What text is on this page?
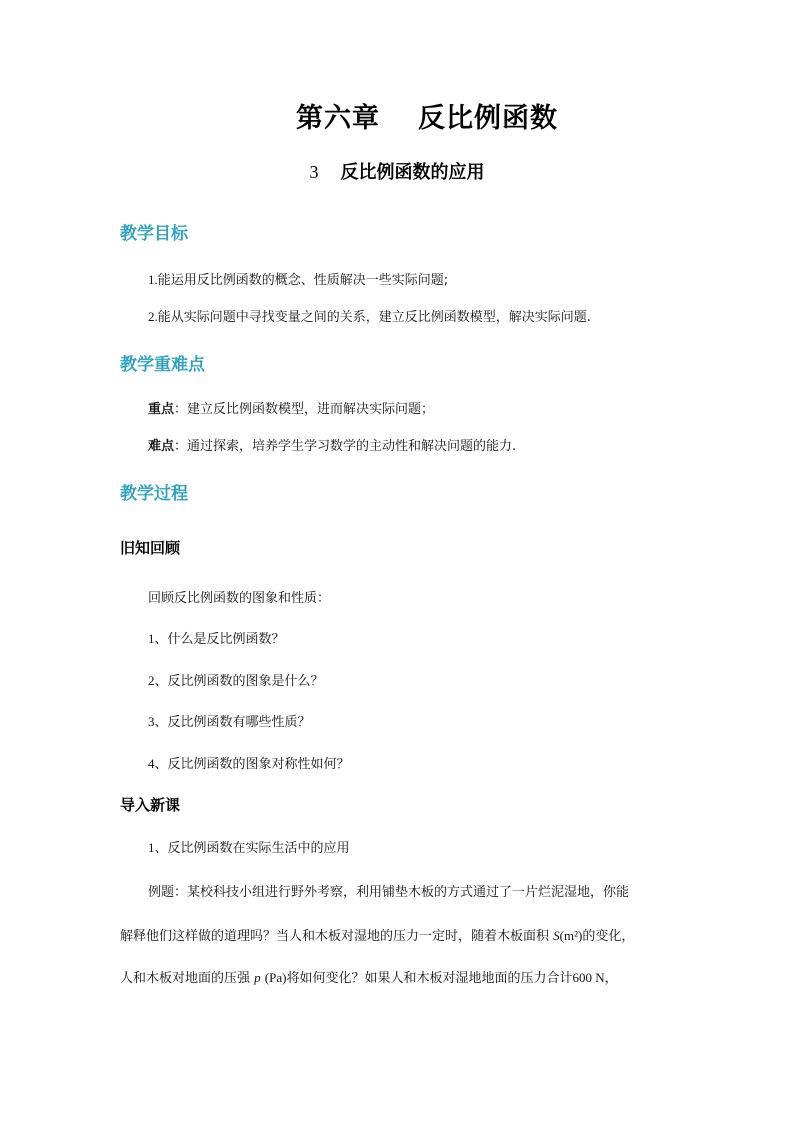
第六章 反比例函数
3 反比例函数的应用
教学目标
1.能运用反比例函数的概念、性质解决一些实际问题;
2.能从实际问题中寻找变量之间的关系，建立反比例函数模型，解决实际问题.
教学重难点
重点：建立反比例函数模型，进而解决实际问题；
难点：通过探索，培养学生学习数学的主动性和解决问题的能力.
教学过程
旧知回顾
回顾反比例函数的图象和性质：
1、什么是反比例函数？
2、反比例函数的图象是什么？
3、反比例函数有哪些性质？
4、反比例函数的图象对称性如何？
导入新课
1、反比例函数在实际生活中的应用
例题：某校科技小组进行野外考察，利用铺垫木板的方式通过了一片烂泥湿地，你能
解释他们这样做的道理吗？当人和木板对湿地的压力一定时，随着木板面积 S(m²)的变化，
人和木板对地面的压强 p (Pa)将如何变化？如果人和木板对湿地地面的压力合计600 N，
